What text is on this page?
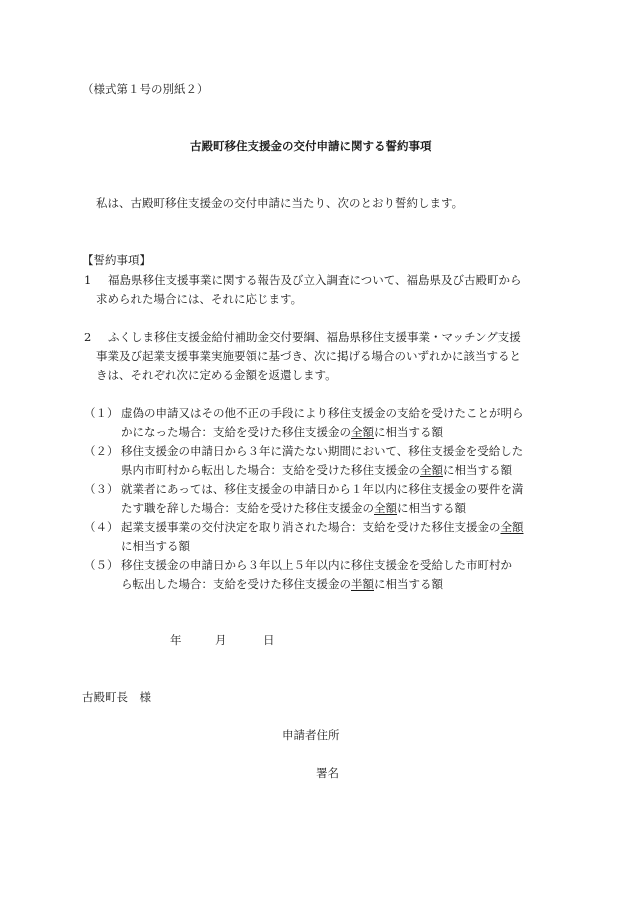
（様式第１号の別紙２）
古殿町移住支援金の交付申請に関する誓約事項
私は、古殿町移住支援金の交付申請に当たり、次のとおり誓約します。
【誓約事項】
1 福島県移住支援事業に関する報告及び立入調査について、福島県及び古殿町から
求められた場合には、それに応じます。
2 ふくしま移住支援金給付補助金交付要綱、福島県移住支援事業・マッチング支援
事業及び起業支援事業実施要領に基づき、次に掲げる場合のいずれかに該当すると
きは、それぞれ次に定める金額を返還します。
（１） 虚偽の申請又はその他不正の手段により移住支援金の支給を受けたことが明ら
かになった場合：支給を受けた移住支援金の全額に相当する額
（２） 移住支援金の申請日から３年に満たない期間において、移住支援金を受給した
県内市町村から転出した場合：支給を受けた移住支援金の全額に相当する額
（３） 就業者にあっては、移住支援金の申請日から１年以内に移住支援金の要件を満
たす職を辞した場合：支給を受けた移住支援金の全額に相当する額
（４） 起業支援事業の交付決定を取り消された場合：支給を受けた移住支援金の全額
に相当する額
（５） 移住支援金の申請日から３年以上５年以内に移住支援金を受給した市町村か
ら転出した場合：支給を受けた移住支援金の半額に相当する額
年	月	日
古殿町長　様
申請者住所
署名
